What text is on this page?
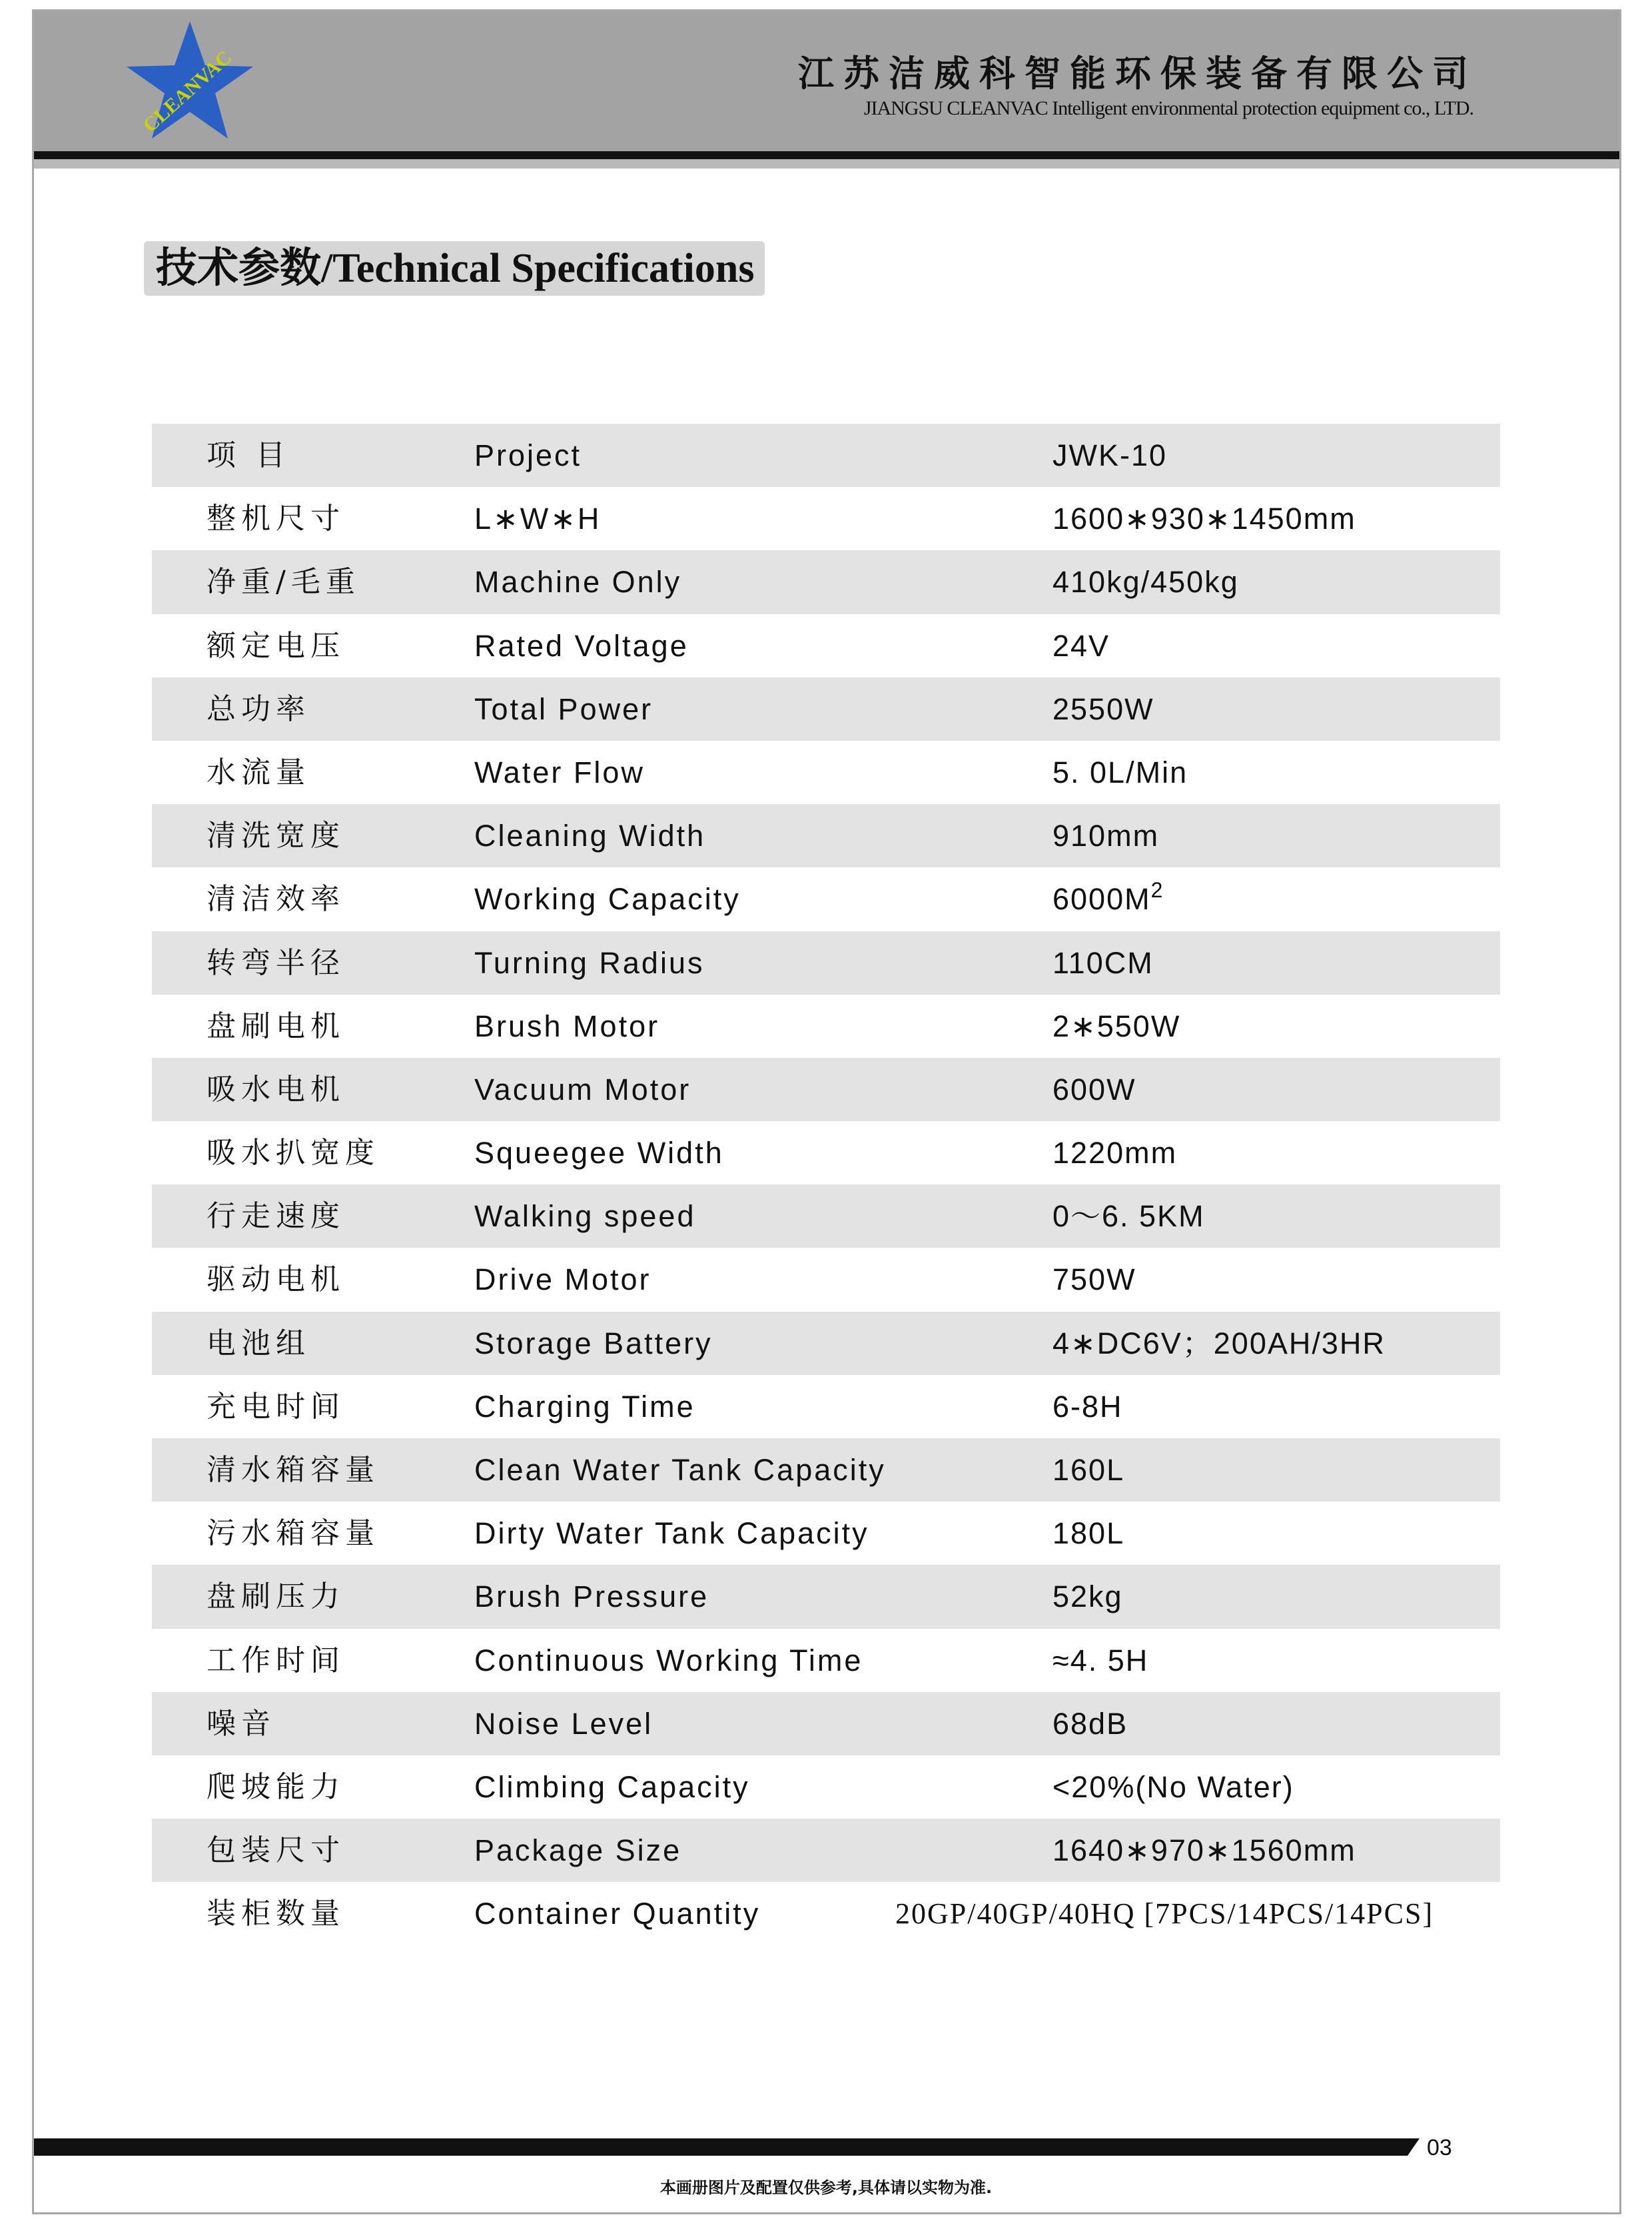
CLEANVAC	江苏洁威科智能环保装备有限公司
JIANGSU CLEANVAC Intelligent environmental protection equipment co., LTD.
技术参数/Technical Specifications
项 目	Project	JWK-10
整机尺寸	L∗W∗H	1600∗930∗1450mm
净重/毛重	Machine Only	410kg/450kg
额定电压	Rated Voltage	24V
总功率	Total Power	2550W
水流量	Water Flow	5. 0L/Min
清洗宽度	Cleaning Width	910mm
清洁效率	Working Capacity	$6000M^2$
转弯半径	Turning Radius	110CM
盘刷电机	Brush Motor	2∗550W
吸水电机	Vacuum Motor	600W
吸水扒宽度	Squeegee Width	1220mm
行走速度	Walking speed	0〜6. 5KM
驱动电机	Drive Motor	750W
电池组	Storage Battery	4∗DC6V；200AH/3HR
充电时间	Charging Time	6-8H
清水箱容量	Clean Water Tank Capacity	160L
污水箱容量	Dirty Water Tank Capacity	180L
盘刷压力	Brush Pressure	52kg
工作时间	Continuous Working Time	≈4. 5H
噪音	Noise Level	68dB
爬坡能力	Climbing Capacity	<20%(No Water)
包装尺寸	Package Size	1640∗970∗1560mm
装柜数量	Container Quantity	20GP/40GP/40HQ [7PCS/14PCS/14PCS]
03
本画册图片及配置仅供参考,具体请以实物为准.
